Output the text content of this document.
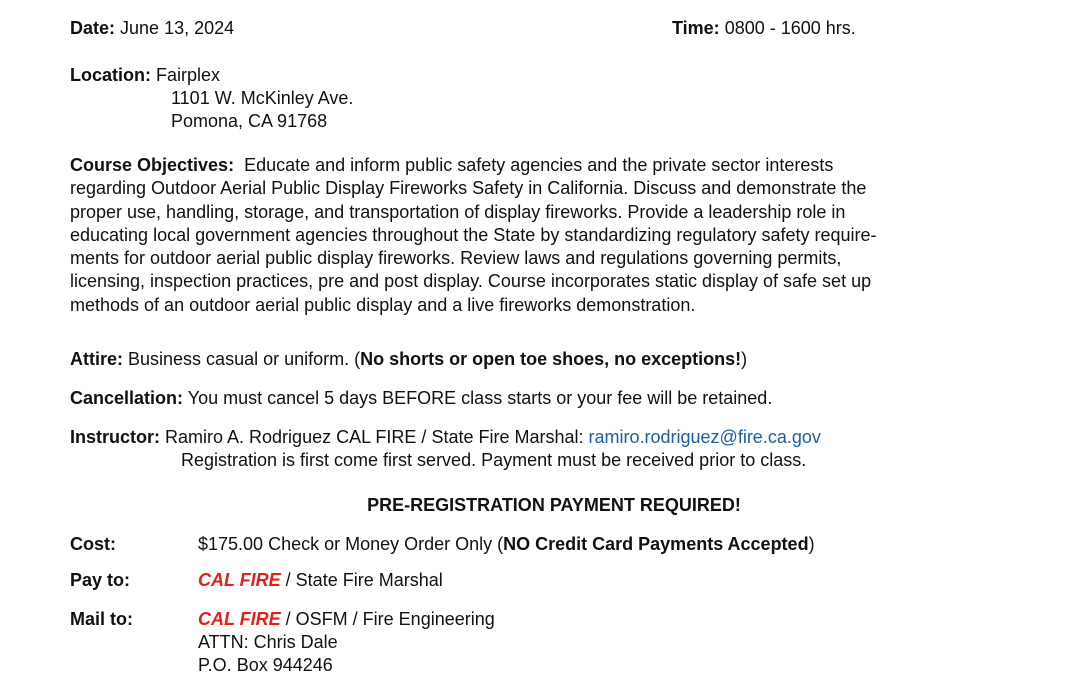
Date: June 13, 2024	Time: 0800 - 1600 hrs.
Location: Fairplex
1101 W. McKinley Ave.
Pomona, CA 91768
Course Objectives: Educate and inform public safety agencies and the private sector interests
regarding Outdoor Aerial Public Display Fireworks Safety in California. Discuss and demonstrate the
proper use, handling, storage, and transportation of display fireworks. Provide a leadership role in
educating local government agencies throughout the State by standardizing regulatory safety require-
ments for outdoor aerial public display fireworks. Review laws and regulations governing permits,
licensing, inspection practices, pre and post display. Course incorporates static display of safe set up
methods of an outdoor aerial public display and a live fireworks demonstration.
Attire: Business casual or uniform. (No shorts or open toe shoes, no exceptions!)
Cancellation: You must cancel 5 days BEFORE class starts or your fee will be retained.
Instructor: Ramiro A. Rodriguez CAL FIRE / State Fire Marshal: ramiro.rodriguez@fire.ca.gov
Registration is first come first served. Payment must be received prior to class.
PRE-REGISTRATION PAYMENT REQUIRED!
Cost:	$175.00 Check or Money Order Only (NO Credit Card Payments Accepted)
Pay to:	CAL FIRE / State Fire Marshal
Mail to:	CAL FIRE / OSFM / Fire Engineering
ATTN: Chris Dale
P.O. Box 944246
